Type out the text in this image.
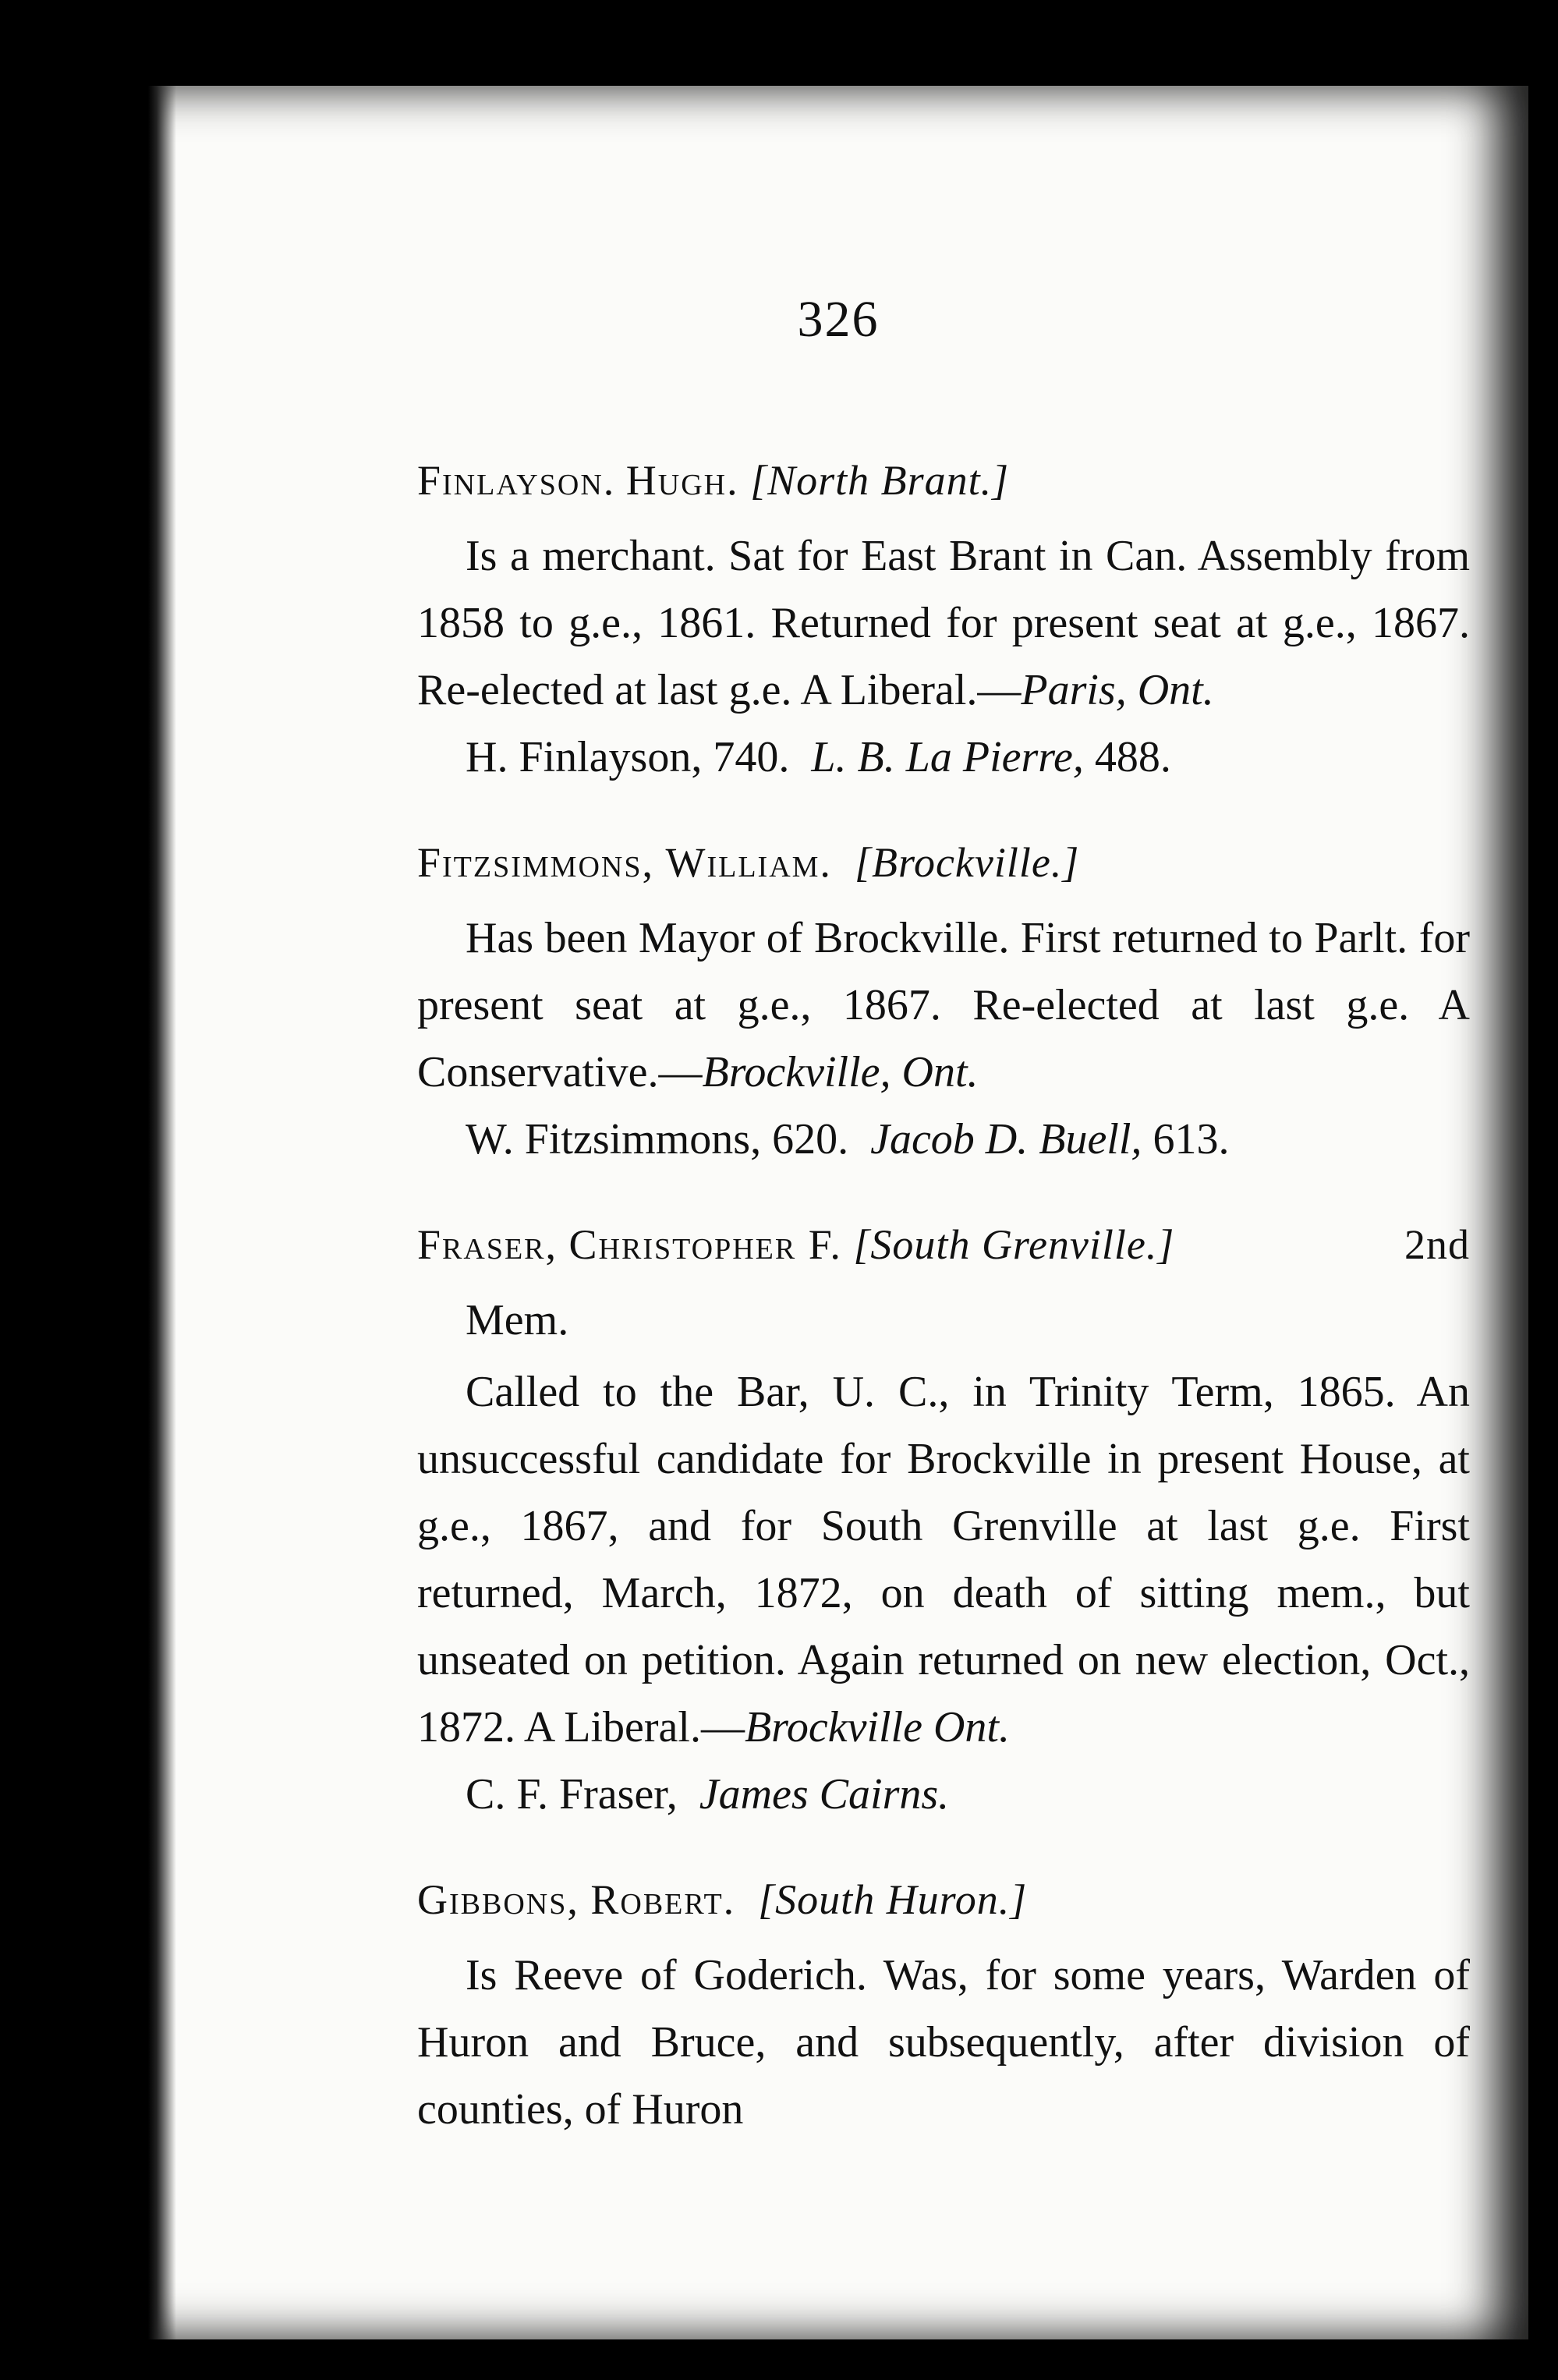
326
Finlayson. Hugh. [North Brant.]

Is a merchant. Sat for East Brant in Can. Assembly from 1858 to g.e., 1861. Returned for present seat at g.e., 1867. Re-elected at last g.e. A Liberal.—Paris, Ont.

H. Finlayson, 740. L. B. La Pierre, 488.
Fitzsimmons, William. [Brockville.]

Has been Mayor of Brockville. First returned to Parlt. for present seat at g.e., 1867. Re-elected at last g.e. A Conservative.—Brockville, Ont.

W. Fitzsimmons, 620. Jacob D. Buell, 613.
Fraser, Christopher F. [South Grenville.]	2nd
Mem.

Called to the Bar, U. C., in Trinity Term, 1865. An unsuccessful candidate for Brockville in present House, at g.e., 1867, and for South Grenville at last g.e. First returned, March, 1872, on death of sitting mem., but unseated on petition. Again returned on new election, Oct., 1872. A Liberal.—Brockville Ont.

C. F. Fraser, James Cairns.
Gibbons, Robert. [South Huron.]

Is Reeve of Goderich. Was, for some years, Warden of Huron and Bruce, and subsequently, after division of counties, of Huron
